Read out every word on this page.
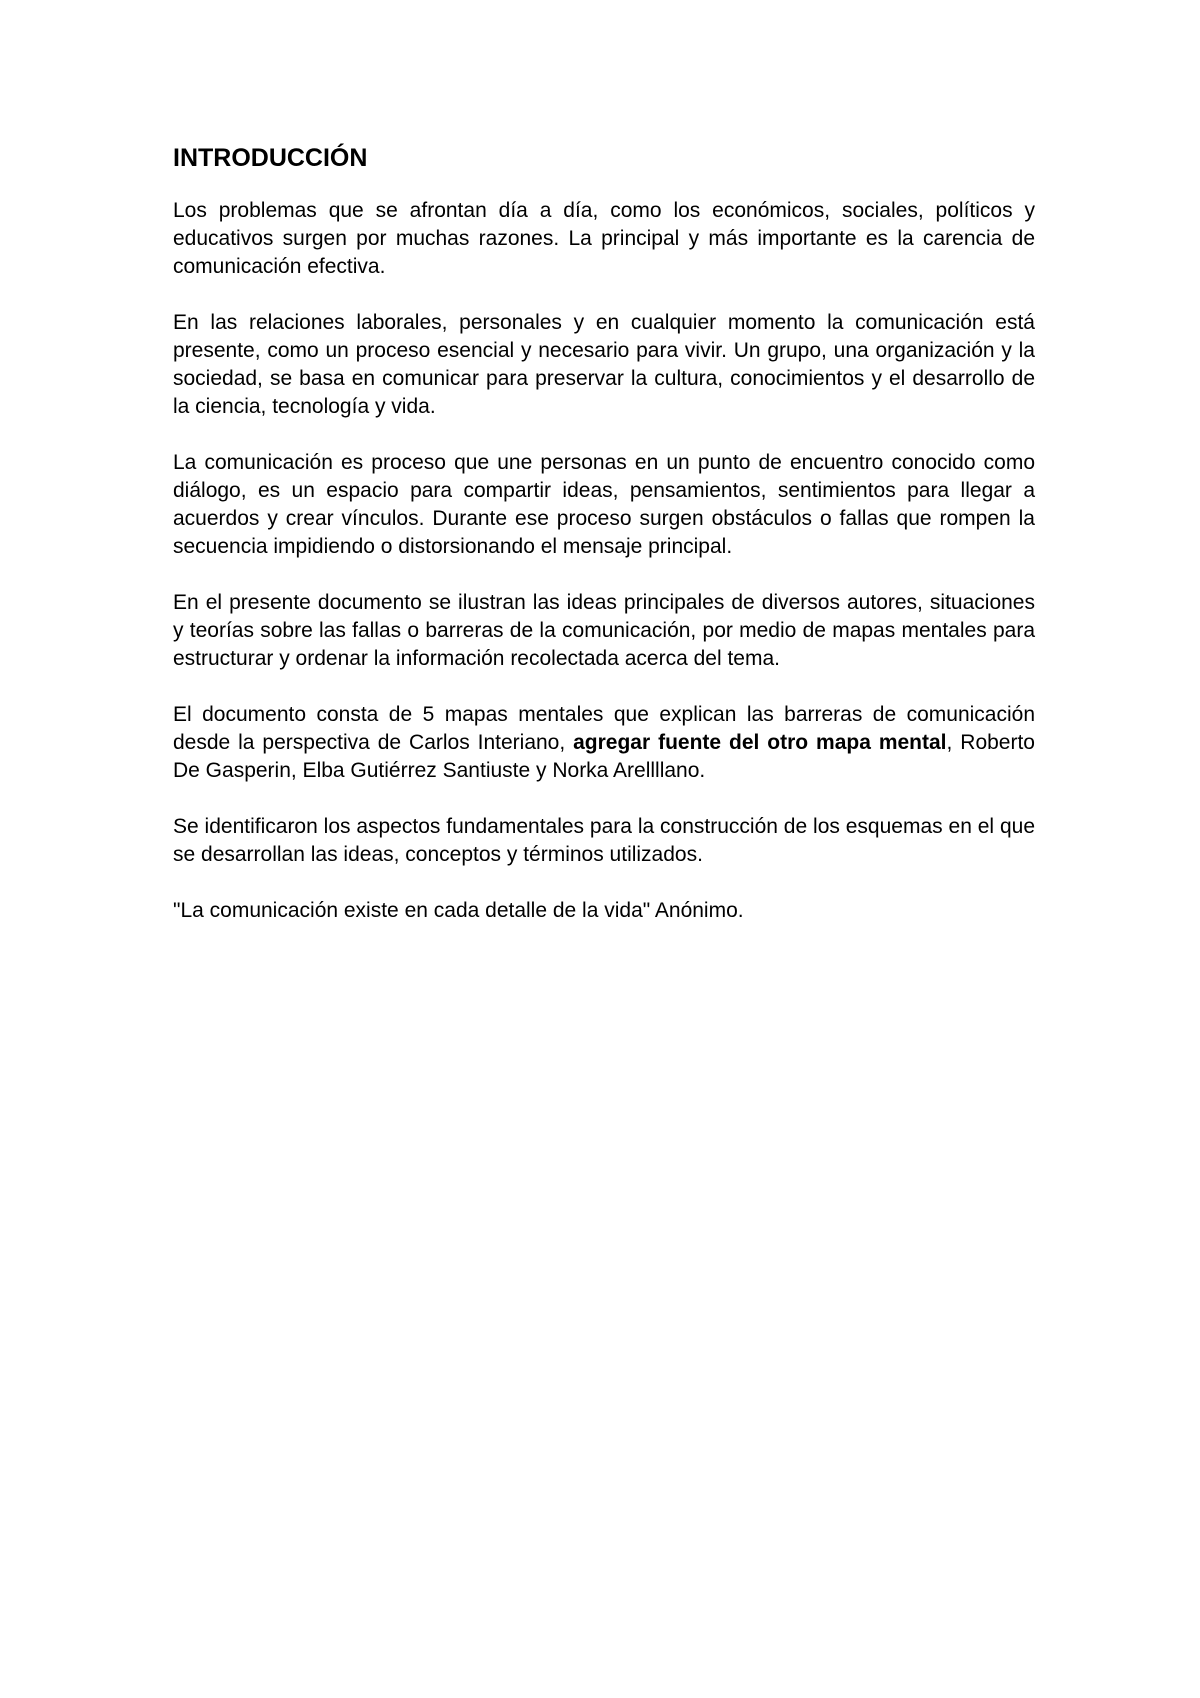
INTRODUCCIÓN

Los problemas que se afrontan día a día, como los económicos, sociales, políticos y educativos surgen por muchas razones. La principal y más importante es la carencia de comunicación efectiva.

En las relaciones laborales, personales y en cualquier momento la comunicación está presente, como un proceso esencial y necesario para vivir. Un grupo, una organización y la sociedad, se basa en comunicar para preservar la cultura, conocimientos y el desarrollo de la ciencia, tecnología y vida.

La comunicación es proceso que une personas en un punto de encuentro conocido como diálogo, es un espacio para compartir ideas, pensamientos, sentimientos para llegar a acuerdos y crear vínculos. Durante ese proceso surgen obstáculos o fallas que rompen la secuencia impidiendo o distorsionando el mensaje principal.

En el presente documento se ilustran las ideas principales de diversos autores, situaciones y teorías sobre las fallas o barreras de la comunicación, por medio de mapas mentales para estructurar y ordenar la información recolectada acerca del tema.

El documento consta de 5 mapas mentales que explican las barreras de comunicación desde la perspectiva de Carlos Interiano, agregar fuente del otro mapa mental, Roberto De Gasperin, Elba Gutiérrez Santiuste y Norka Arellllano.

Se identificaron los aspectos fundamentales para la construcción de los esquemas en el que se desarrollan las ideas, conceptos y términos utilizados.

"La comunicación existe en cada detalle de la vida" Anónimo.
